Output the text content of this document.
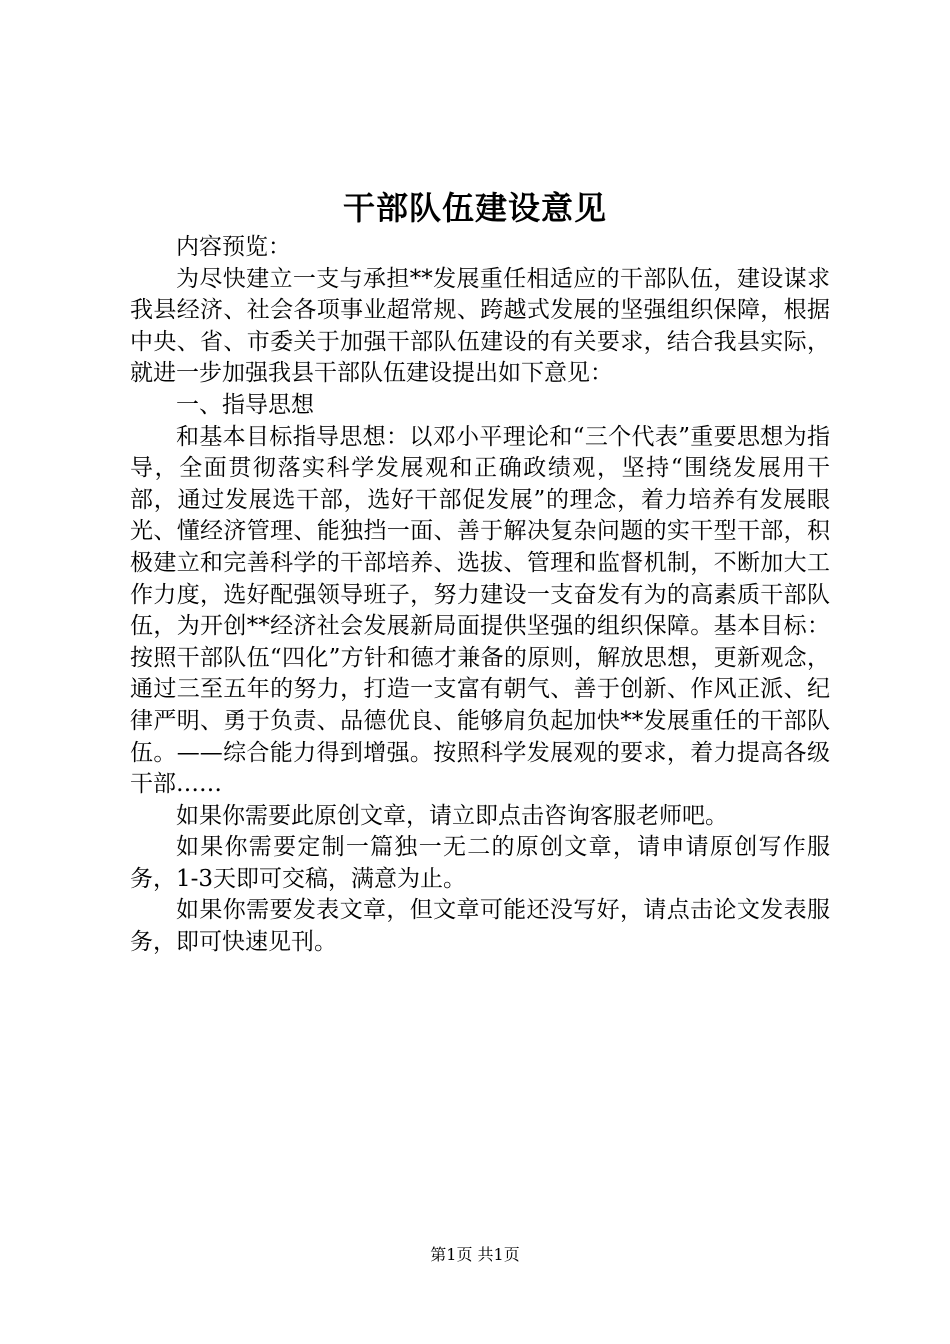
干部队伍建设意见

内容预览：

为尽快建立一支与承担**发展重任相适应的干部队伍，建设谋求我县经济、社会各项事业超常规、跨越式发展的坚强组织保障，根据中央、省、市委关于加强干部队伍建设的有关要求，结合我县实际，就进一步加强我县干部队伍建设提出如下意见：

一、指导思想

和基本目标指导思想：以邓小平理论和“三个代表”重要思想为指导，全面贯彻落实科学发展观和正确政绩观，坚持“围绕发展用干部，通过发展选干部，选好干部促发展”的理念，着力培养有发展眼光、懂经济管理、能独挡一面、善于解决复杂问题的实干型干部，积极建立和完善科学的干部培养、选拔、管理和监督机制，不断加大工作力度，选好配强领导班子，努力建设一支奋发有为的高素质干部队伍，为开创**经济社会发展新局面提供坚强的组织保障。基本目标：按照干部队伍“四化”方针和德才兼备的原则，解放思想，更新观念，通过三至五年的努力，打造一支富有朝气、善于创新、作风正派、纪律严明、勇于负责、品德优良、能够肩负起加快**发展重任的干部队伍。——综合能力得到增强。按照科学发展观的要求，着力提高各级干部……

如果你需要此原创文章，请立即点击咨询客服老师吧。

如果你需要定制一篇独一无二的原创文章，请申请原创写作服务，1-3天即可交稿，满意为止。

如果你需要发表文章，但文章可能还没写好，请点击论文发表服务，即可快速见刊。

第1页 共1页
